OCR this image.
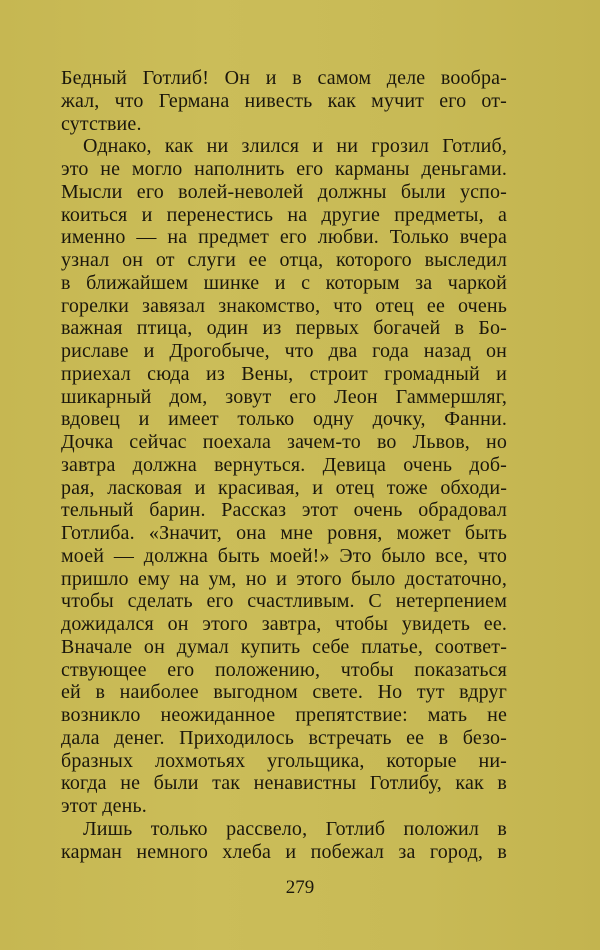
Бедный Готлиб! Он и в самом деле вообра-
жал, что Германа нивесть как мучит его от-
сутствие.
Однако, как ни злился и ни грозил Готлиб,
это не могло наполнить его карманы деньгами.
Мысли его волей-неволей должны были успо-
коиться и перенестись на другие предметы, а
именно — на предмет его любви. Только вчера
узнал он от слуги ее отца, которого выследил
в ближайшем шинке и с которым за чаркой
горелки завязал знакомство, что отец ее очень
важная птица, один из первых богачей в Бо-
риславе и Дрогобыче, что два года назад он
приехал сюда из Вены, строит громадный и
шикарный дом, зовут его Леон Гаммершляг,
вдовец и имеет только одну дочку, Фанни.
Дочка сейчас поехала зачем-то во Львов, но
завтра должна вернуться. Девица очень доб-
рая, ласковая и красивая, и отец тоже обходи-
тельный барин. Рассказ этот очень обрадовал
Готлиба. «Значит, она мне ровня, может быть
моей — должна быть моей!» Это было все, что
пришло ему на ум, но и этого было достаточно,
чтобы сделать его счастливым. С нетерпением
дожидался он этого завтра, чтобы увидеть ее.
Вначале он думал купить себе платье, соответ-
ствующее его положению, чтобы показаться
ей в наиболее выгодном свете. Но тут вдруг
возникло неожиданное препятствие: мать не
дала денег. Приходилось встречать ее в безо-
бразных лохмотьях угольщика, которые ни-
когда не были так ненавистны Готлибу, как в
этот день.
Лишь только рассвело, Готлиб положил в
карман немного хлеба и побежал за город, в
279
